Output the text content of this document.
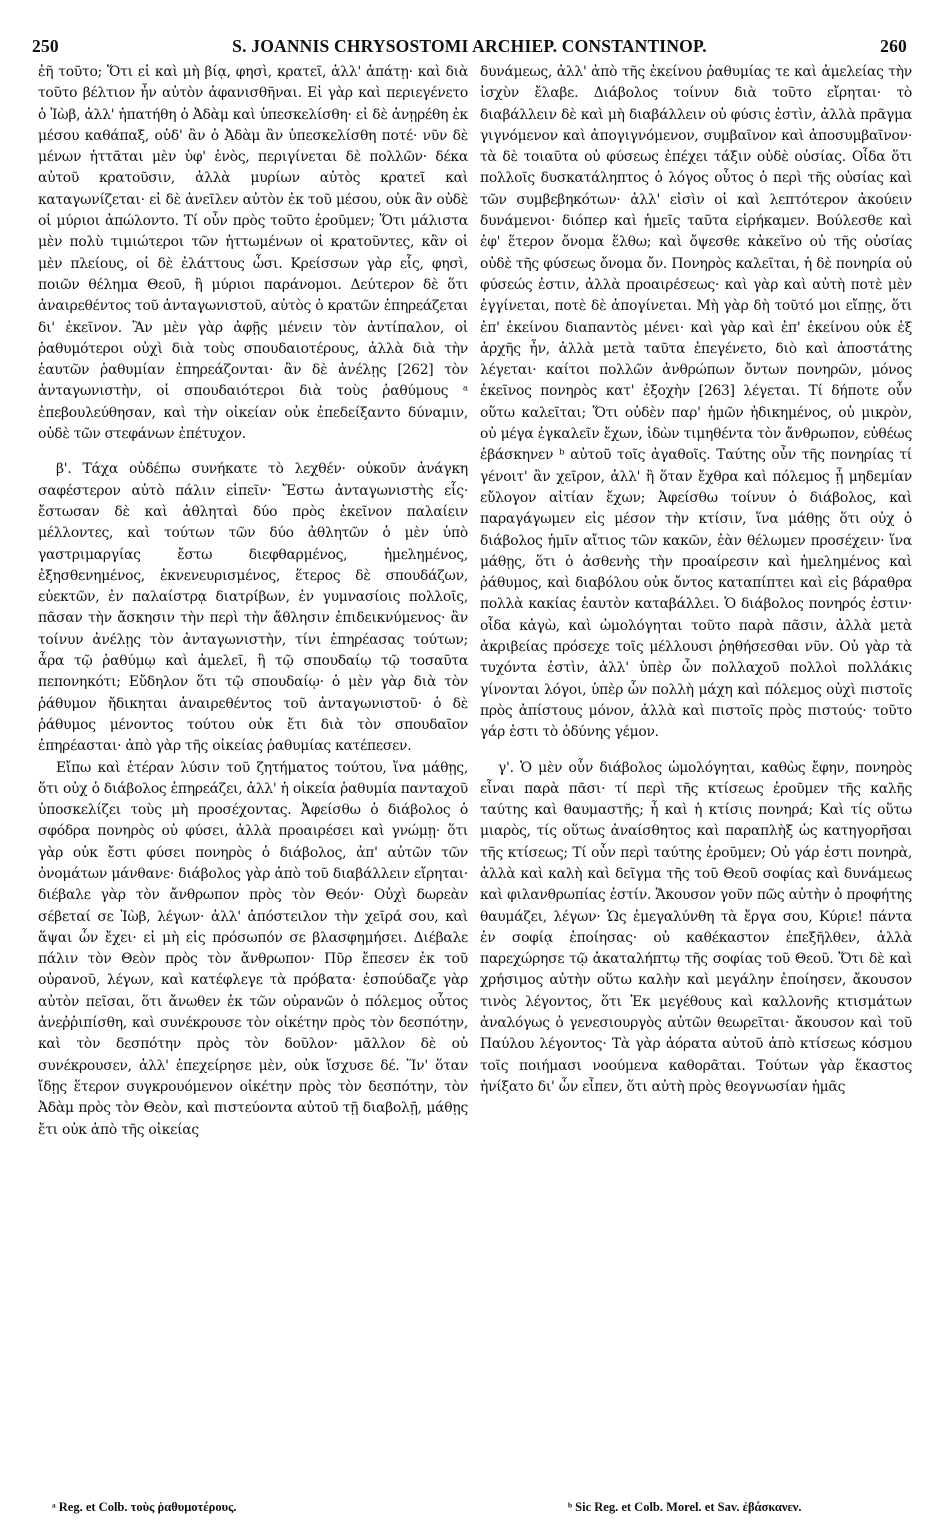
250	S. JOANNIS CHRYSOSTOMI ARCHIEP. CONSTANTINOP.	260

ἐῆ τοῦτο; Ὅτι εἰ καὶ μὴ βίᾳ, φησὶ, κρατεῖ, ἀλλ' ἀπάτῃ· καὶ διὰ τοῦτο βέλτιον ἦν αὐτὸν ἀφανισθῆναι. Εἰ γὰρ καὶ περιεγένετο ὁ Ἰὼβ, ἀλλ' ἠπατήθη ὁ Ἀδὰμ καὶ ὑπεσκελίσθη· εἰ δὲ ἀνῃρέθη ἐκ μέσου καθάπαξ, οὐδ' ἂν ὁ Ἀδὰμ ἂν ὑπεσκελίσθη ποτέ· νῦν δὲ μένων ἡττᾶται μὲν ὑφ' ἑνὸς, περιγίνεται δὲ πολλῶν· δέκα αὐτοῦ κρατοῦσιν, ἀλλὰ μυρίων αὐτὸς κρατεῖ καὶ καταγωνίζεται· εἰ δὲ ἀνεῖλεν αὐτὸν ἐκ τοῦ μέσου, οὐκ ἂν οὐδὲ οἱ μύριοι ἀπώλοντο. Τί οὖν πρὸς τοῦτο ἐροῦμεν; Ὅτι μάλιστα μὲν πολὺ τιμιώτεροι τῶν ἡττωμένων οἱ κρατοῦντες, κἂν οἱ μὲν πλείους, οἱ δὲ ἐλάττους ὦσι. Κρείσσων γὰρ εἷς, φησὶ, ποιῶν θέλημα Θεοῦ, ἢ μύριοι παράνομοι. Δεύτερον δὲ ὅτι ἀναιρεθέντος τοῦ ἀνταγωνιστοῦ, αὐτὸς ὁ κρατῶν ἐπηρεάζεται δι' ἐκεῖνον. Ἂν μὲν γὰρ ἀφῇς μένειν τὸν ἀντίπαλον, οἱ ῥαθυμότεροι οὐχὶ διὰ τοὺς σπουδαιοτέρους, ἀλλὰ διὰ τὴν ἑαυτῶν ῥαθυμίαν ἐπηρεάζονται· ἂν δὲ ἀνέλῃς [262] τὸν ἀνταγωνιστὴν, οἱ σπουδαιότεροι διὰ τοὺς ῥαθύμους ᵃ ἐπεβουλεύθησαν, καὶ τὴν οἰκείαν οὐκ ἐπεδείξαντο δύναμιν, οὐδὲ τῶν στεφάνων ἐπέτυχον.

β'. Τάχα οὐδέπω συνήκατε τὸ λεχθέν· οὐκοῦν ἀνάγκη σαφέστερον αὐτὸ πάλιν εἰπεῖν· Ἔστω ἀνταγωνιστὴς εἷς· ἔστωσαν δὲ καὶ ἀθληταὶ δύο πρὸς ἐκεῖνον παλαίειν μέλλοντες, καὶ τούτων τῶν δύο ἀθλητῶν ὁ μὲν ὑπὸ γαστριμαργίας ἔστω διεφθαρμένος, ἠμελημένος, ἐξησθενημένος, ἐκνενευρισμένος, ἕτερος δὲ σπουδάζων, εὐεκτῶν, ἐν παλαίστρᾳ διατρίβων, ἐν γυμνασίοις πολλοῖς, πᾶσαν τὴν ἄσκησιν τὴν περὶ τὴν ἄθλησιν ἐπιδεικνύμενος· ἂν τοίνυν ἀνέλῃς τὸν ἀνταγωνιστὴν, τίνι ἐπηρέασας τούτων; ἆρα τῷ ῥαθύμῳ καὶ ἀμελεῖ, ἢ τῷ σπουδαίῳ τῷ τοσαῦτα πεπονηκότι; Εὔδηλον ὅτι τῷ σπουδαίῳ· ὁ μὲν γὰρ διὰ τὸν ῥάθυμον ἤδικηται ἀναιρεθέντος τοῦ ἀνταγωνιστοῦ· ὁ δὲ ῥάθυμος μένοντος τούτου οὐκ ἔτι διὰ τὸν σπουδαῖον ἐπηρέασται· ἀπὸ γὰρ τῆς οἰκείας ῥαθυμίας κατέπεσεν.

Εἴπω καὶ ἑτέραν λύσιν τοῦ ζητήματος τούτου, ἵνα μάθῃς, ὅτι οὐχ ὁ διάβολος ἐπηρεάζει, ἀλλ' ἡ οἰκεία ῥαθυμία πανταχοῦ ὑποσκελίζει τοὺς μὴ προσέχοντας. Ἀφείσθω ὁ διάβολος ὁ σφόδρα πονηρὸς οὐ φύσει, ἀλλὰ προαιρέσει καὶ γνώμῃ· ὅτι γὰρ οὐκ ἔστι φύσει πονηρὸς ὁ διάβολος, ἀπ' αὐτῶν τῶν ὀνομάτων μάνθανε· διάβολος γὰρ ἀπὸ τοῦ διαβάλλειν εἴρηται· διέβαλε γὰρ τὸν ἄνθρωπον πρὸς τὸν Θεόν· Οὐχὶ δωρεὰν σέβεταί σε Ἰὼβ, λέγων· ἀλλ' ἀπόστειλον τὴν χεῖρά σου, καὶ ἅψαι ὧν ἔχει· εἰ μὴ εἰς πρόσωπόν σε βλασφημήσει. Διέβαλε πάλιν τὸν Θεὸν πρὸς τὸν ἄνθρωπον· Πῦρ ἔπεσεν ἐκ τοῦ οὐρανοῦ, λέγων, καὶ κατέφλεγε τὰ πρόβατα· ἐσπούδαζε γὰρ αὐτὸν πεῖσαι, ὅτι ἄνωθεν ἐκ τῶν οὐρανῶν ὁ πόλεμος οὗτος ἀνεῤῥιπίσθη, καὶ συνέκρουσε τὸν οἰκέτην πρὸς τὸν δεσπότην, καὶ τὸν δεσπότην πρὸς τὸν δοῦλον· μᾶλλον δὲ οὐ συνέκρουσεν, ἀλλ' ἐπεχείρησε μὲν, οὐκ ἴσχυσε δέ. Ἵν' ὅταν ἴδῃς ἕτερον συγκρουόμενον οἰκέτην πρὸς τὸν δεσπότην, τὸν Ἀδὰμ πρὸς τὸν Θεὸν, καὶ πιστεύοντα αὐτοῦ τῇ διαβολῇ, μάθῃς ἔτι οὐκ ἀπὸ τῆς οἰκείας

δυνάμεως, ἀλλ' ἀπὸ τῆς ἐκείνου ῥαθυμίας τε καὶ ἀμελείας τὴν ἰσχὺν ἔλαβε. Διάβολος τοίνυν διὰ τοῦτο εἴρηται· τὸ διαβάλλειν δὲ καὶ μὴ διαβάλλειν οὐ φύσις ἐστὶν, ἀλλὰ πρᾶγμα γιγνόμενον καὶ ἀπογιγνόμενον, συμβαῖνον καὶ ἀποσυμβαῖνον· τὰ δὲ τοιαῦτα οὐ φύσεως ἐπέχει τάξιν οὐδὲ οὐσίας. Οἶδα ὅτι πολλοῖς δυσκατάληπτος ὁ λόγος οὗτος ὁ περὶ τῆς οὐσίας καὶ τῶν συμβεβηκότων· ἀλλ' εἰσὶν οἱ καὶ λεπτότερον ἀκούειν δυνάμενοι· διόπερ καὶ ἡμεῖς ταῦτα εἰρήκαμεν. Βούλεσθε καὶ ἐφ' ἕτερον ὄνομα ἔλθω; καὶ ὄψεσθε κἀκεῖνο οὐ τῆς οὐσίας οὐδὲ τῆς φύσεως ὄνομα ὄν. Πονηρὸς καλεῖται, ἡ δὲ πονηρία οὐ φύσεώς ἐστιν, ἀλλὰ προαιρέσεως· καὶ γὰρ καὶ αὐτὴ ποτὲ μὲν ἐγγίνεται, ποτὲ δὲ ἀπογίνεται. Μὴ γὰρ δὴ τοῦτό μοι εἴπῃς, ὅτι ἐπ' ἐκείνου διαπαντὸς μένει· καὶ γὰρ καὶ ἐπ' ἐκείνου οὐκ ἐξ ἀρχῆς ἦν, ἀλλὰ μετὰ ταῦτα ἐπεγένετο, διὸ καὶ ἀποστάτης λέγεται· καίτοι πολλῶν ἀνθρώπων ὄντων πονηρῶν, μόνος ἐκεῖνος πονηρὸς κατ' ἐξοχὴν [263] λέγεται. Τί δήποτε οὖν οὕτω καλεῖται; Ὅτι οὐδὲν παρ' ἡμῶν ἠδικημένος, οὐ μικρὸν, οὐ μέγα ἐγκαλεῖν ἔχων, ἰδὼν τιμηθέντα τὸν ἄνθρωπον, εὐθέως ἐβάσκηνεν ᵇ αὐτοῦ τοῖς ἀγαθοῖς. Ταύτης οὖν τῆς πονηρίας τί γένοιτ' ἂν χεῖρον, ἀλλ' ἢ ὅταν ἔχθρα καὶ πόλεμος ᾖ μηδεμίαν εὔλογον αἰτίαν ἔχων; Ἀφείσθω τοίνυν ὁ διάβολος, καὶ παραγάγωμεν εἰς μέσον τὴν κτίσιν, ἵνα μάθῃς ὅτι οὐχ ὁ διάβολος ἡμῖν αἴτιος τῶν κακῶν, ἐὰν θέλωμεν προσέχειν· ἵνα μάθῃς, ὅτι ὁ ἀσθενὴς τὴν προαίρεσιν καὶ ἠμελημένος καὶ ῥάθυμος, καὶ διαβόλου οὐκ ὄντος καταπίπτει καὶ εἰς βάραθρα πολλὰ κακίας ἑαυτὸν καταβάλλει. Ὁ διάβολος πονηρός ἐστιν· οἶδα κἀγὼ, καὶ ὡμολόγηται τοῦτο παρὰ πᾶσιν, ἀλλὰ μετὰ ἀκριβείας πρόσεχε τοῖς μέλλουσι ῥηθήσεσθαι νῦν. Οὐ γὰρ τὰ τυχόντα ἐστὶν, ἀλλ' ὑπὲρ ὧν πολλαχοῦ πολλοὶ πολλάκις γίνονται λόγοι, ὑπὲρ ὧν πολλὴ μάχη καὶ πόλεμος οὐχὶ πιστοῖς πρὸς ἀπίστους μόνον, ἀλλὰ καὶ πιστοῖς πρὸς πιστούς· τοῦτο γάρ ἐστι τὸ ὀδύνης γέμον.

γ'. Ὁ μὲν οὖν διάβολος ὡμολόγηται, καθὼς ἔφην, πονηρὸς εἶναι παρὰ πᾶσι· τί περὶ τῆς κτίσεως ἐροῦμεν τῆς καλῆς ταύτης καὶ θαυμαστῆς; ἦ καὶ ἡ κτίσις πονηρά; Καὶ τίς οὕτω μιαρὸς, τίς οὕτως ἀναίσθητος καὶ παραπλὴξ ὡς κατηγορῆσαι τῆς κτίσεως; Τί οὖν περὶ ταύτης ἐροῦμεν; Οὐ γάρ ἐστι πονηρὰ, ἀλλὰ καὶ καλὴ καὶ δεῖγμα τῆς τοῦ Θεοῦ σοφίας καὶ δυνάμεως καὶ φιλανθρωπίας ἐστίν. Ἄκουσον γοῦν πῶς αὐτὴν ὁ προφήτης θαυμάζει, λέγων· Ὡς ἐμεγαλύνθη τὰ ἔργα σου, Κύριε! πάντα ἐν σοφίᾳ ἐποίησας· οὐ καθέκαστον ἐπεξῆλθεν, ἀλλὰ παρεχώρησε τῷ ἀκαταλήπτῳ τῆς σοφίας τοῦ Θεοῦ. Ὅτι δὲ καὶ χρήσιμος αὐτὴν οὕτω καλὴν καὶ μεγάλην ἐποίησεν, ἄκουσον τινὸς λέγοντος, ὅτι Ἐκ μεγέθους καὶ καλλονῆς κτισμάτων ἀναλόγως ὁ γενεσιουργὸς αὐτῶν θεωρεῖται· ἄκουσον καὶ τοῦ Παύλου λέγοντος· Τὰ γὰρ ἀόρατα αὐτοῦ ἀπὸ κτίσεως κόσμου τοῖς ποιήμασι νοούμενα καθορᾶται. Τούτων γὰρ ἕκαστος ἠνίξατο δι' ὧν εἶπεν, ὅτι αὐτὴ πρὸς θεογνωσίαν ἡμᾶς

ᵃ Reg. et Colb. τοὺς ῥαθυμοτέρους.	ᵇ Sic Reg. et Colb. Morel. et Sav. ἐβάσκανεν.
